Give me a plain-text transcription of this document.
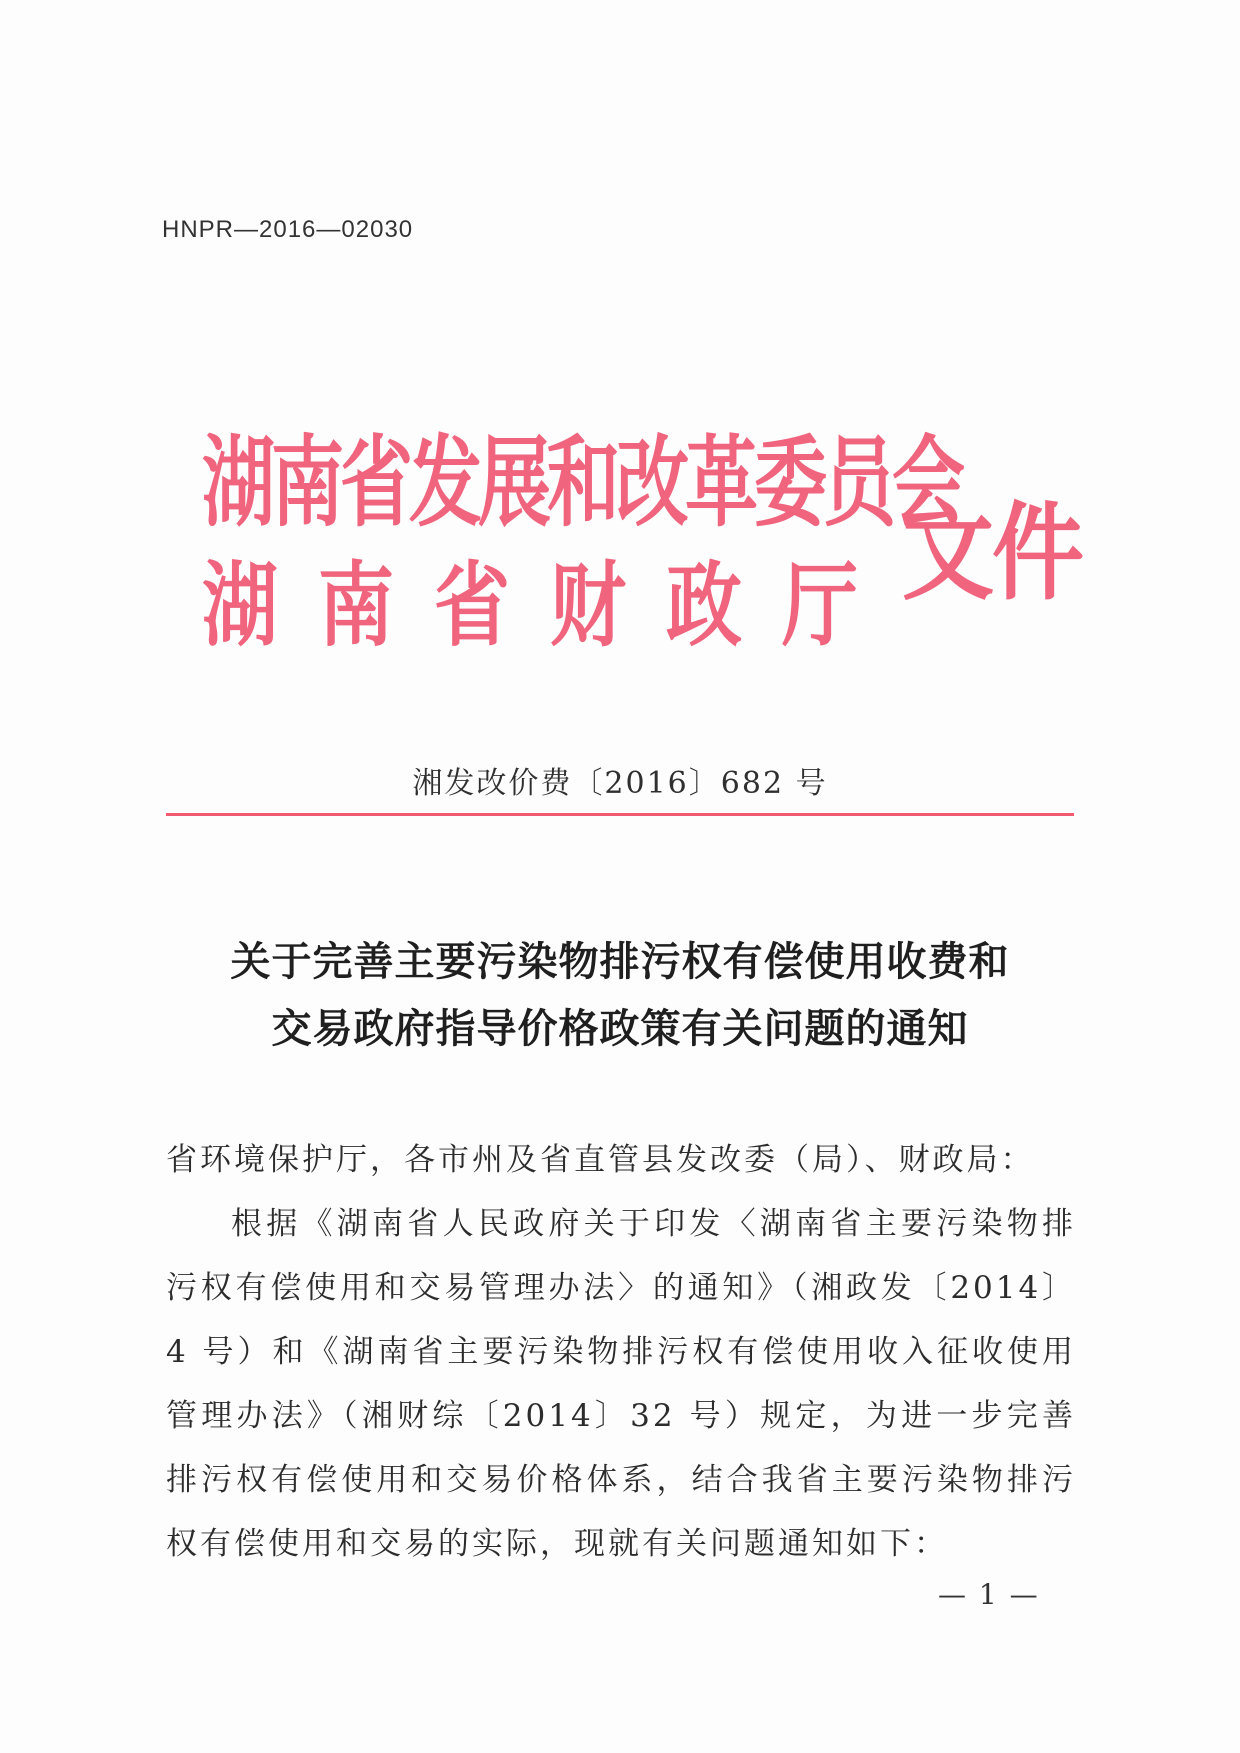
HNPR—2016—02030
湖南省发展和改革委员会
湖南省财政厅 文件
湘发改价费〔2016〕682 号
关于完善主要污染物排污权有偿使用收费和
交易政府指导价格政策有关问题的通知

省环境保护厅，各市州及省直管县发改委（局）、财政局：

根据《湖南省人民政府关于印发〈湖南省主要污染物排污权有偿使用和交易管理办法〉的通知》（湘政发〔2014〕4 号）和《湖南省主要污染物排污权有偿使用收入征收使用管理办法》（湘财综〔2014〕32 号）规定，为进一步完善排污权有偿使用和交易价格体系，结合我省主要污染物排污权有偿使用和交易的实际，现就有关问题通知如下：

— 1 —
